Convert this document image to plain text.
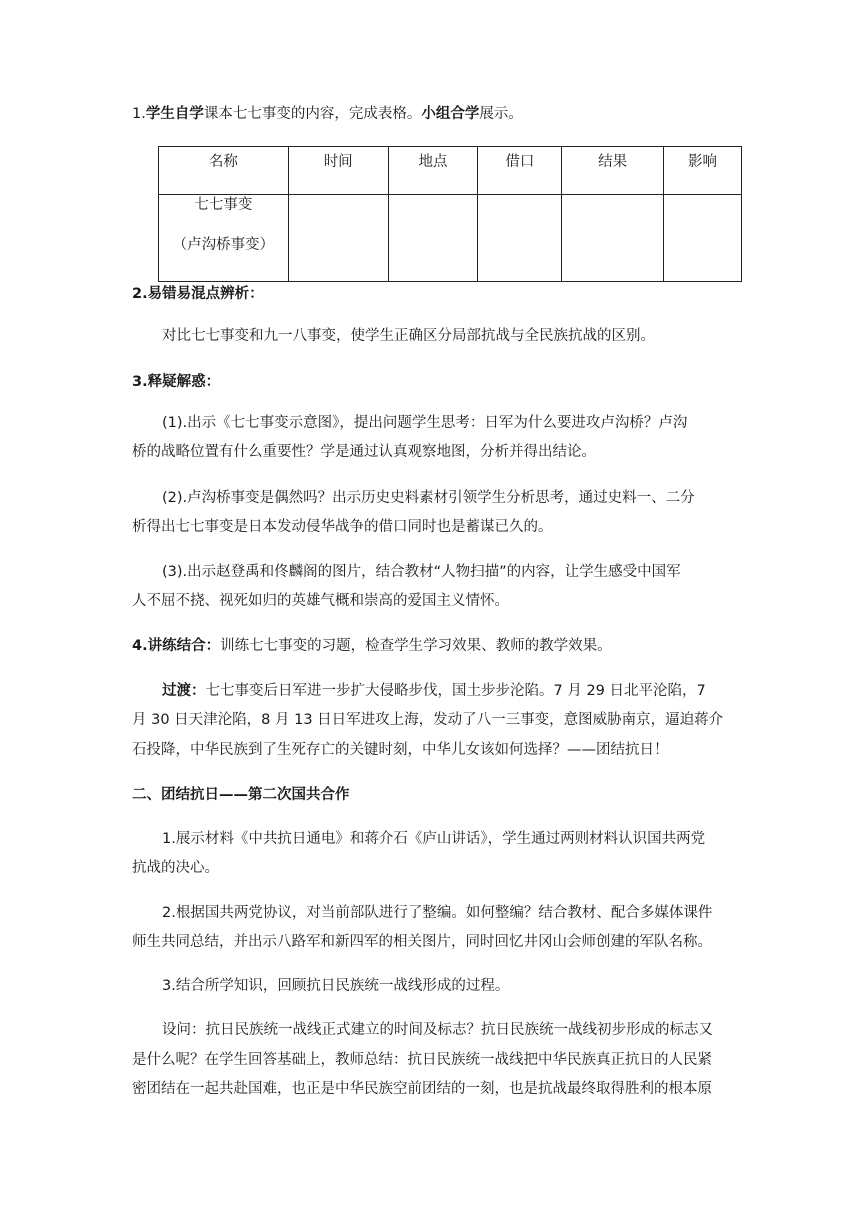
1.学生自学课本七七事变的内容，完成表格。小组合学展示。

名称	时间	地点	借口	结果	影响

七七事变
（卢沟桥事变）					

2.易错易混点辨析：

对比七七事变和九一八事变，使学生正确区分局部抗战与全民族抗战的区别。

3.释疑解惑：

(1).出示《七七事变示意图》，提出问题学生思考：日军为什么要进攻卢沟桥？卢沟

桥的战略位置有什么重要性？学是通过认真观察地图，分析并得出结论。

(2).卢沟桥事变是偶然吗？出示历史史料素材引领学生分析思考，通过史料一、二分

析得出七七事变是日本发动侵华战争的借口同时也是蓄谋已久的。

(3).出示赵登禹和佟麟阁的图片，结合教材“人物扫描”的内容，让学生感受中国军

人不屈不挠、视死如归的英雄气概和崇高的爱国主义情怀。

4.讲练结合：训练七七事变的习题，检查学生学习效果、教师的教学效果。

过渡：七七事变后日军进一步扩大侵略步伐，国土步步沦陷。7 月 29 日北平沦陷，7

月 30 日天津沦陷，8 月 13 日日军进攻上海，发动了八一三事变，意图威胁南京，逼迫蒋介

石投降，中华民族到了生死存亡的关键时刻，中华儿女该如何选择？——团结抗日！

二、团结抗日——第二次国共合作

1.展示材料《中共抗日通电》和蒋介石《庐山讲话》，学生通过两则材料认识国共两党

抗战的决心。

2.根据国共两党协议，对当前部队进行了整编。如何整编？结合教材、配合多媒体课件

师生共同总结，并出示八路军和新四军的相关图片，同时回忆井冈山会师创建的军队名称。

3.结合所学知识，回顾抗日民族统一战线形成的过程。

设问：抗日民族统一战线正式建立的时间及标志？抗日民族统一战线初步形成的标志又

是什么呢？在学生回答基础上，教师总结：抗日民族统一战线把中华民族真正抗日的人民紧

密团结在一起共赴国难，也正是中华民族空前团结的一刻，也是抗战最终取得胜利的根本原
